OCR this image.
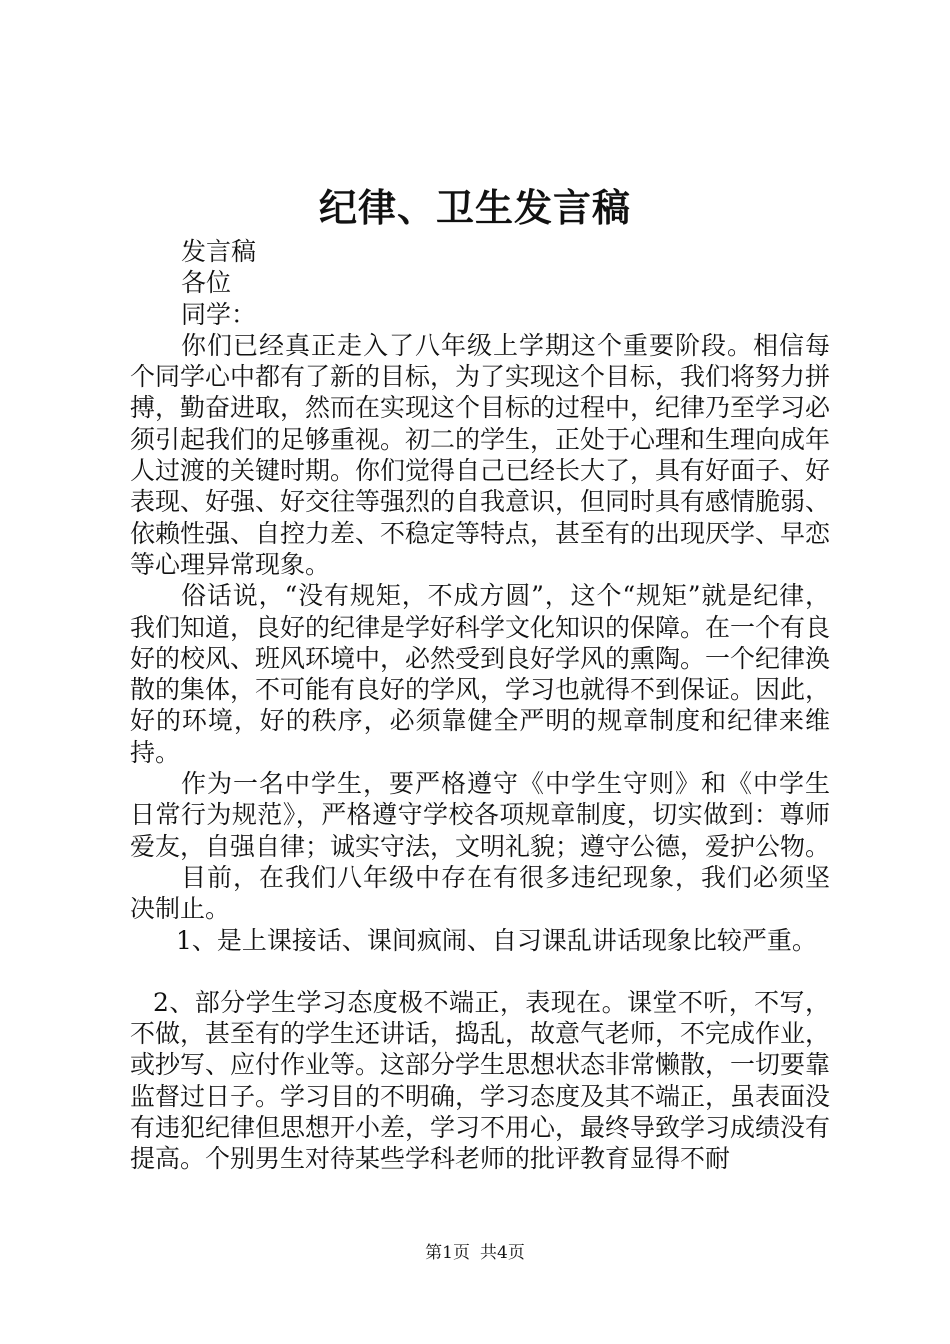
纪律、卫生发言稿

发言稿

各位

同学：

你们已经真正走入了八年级上学期这个重要阶段。相信每个同学心中都有了新的目标，为了实现这个目标，我们将努力拼搏，勤奋进取，然而在实现这个目标的过程中，纪律乃至学习必须引起我们的足够重视。初二的学生，正处于心理和生理向成年人过渡的关键时期。你们觉得自己已经长大了，具有好面子、好表现、好强、好交往等强烈的自我意识，但同时具有感情脆弱、依赖性强、自控力差、不稳定等特点，甚至有的出现厌学、早恋等心理异常现象。

俗话说，“没有规矩，不成方圆”，这个“规矩”就是纪律，我们知道，良好的纪律是学好科学文化知识的保障。在一个有良好的校风、班风环境中，必然受到良好学风的熏陶。一个纪律涣散的集体，不可能有良好的学风，学习也就得不到保证。因此，好的环境，好的秩序，必须靠健全严明的规章制度和纪律来维持。

作为一名中学生，要严格遵守《中学生守则》和《中学生日常行为规范》，严格遵守学校各项规章制度，切实做到：尊师爱友，自强自律；诚实守法，文明礼貌；遵守公德，爱护公物。

目前，在我们八年级中存在有很多违纪现象，我们必须坚决制止。

1、是上课接话、课间疯闹、自习课乱讲话现象比较严重。

2、部分学生学习态度极不端正，表现在。课堂不听，不写，不做，甚至有的学生还讲话，捣乱，故意气老师，不完成作业，或抄写、应付作业等。这部分学生思想状态非常懒散，一切要靠监督过日子。学习目的不明确，学习态度及其不端正，虽表面没有违犯纪律但思想开小差，学习不用心，最终导致学习成绩没有提高。个别男生对待某些学科老师的批评教育显得不耐

第1页 共4页
